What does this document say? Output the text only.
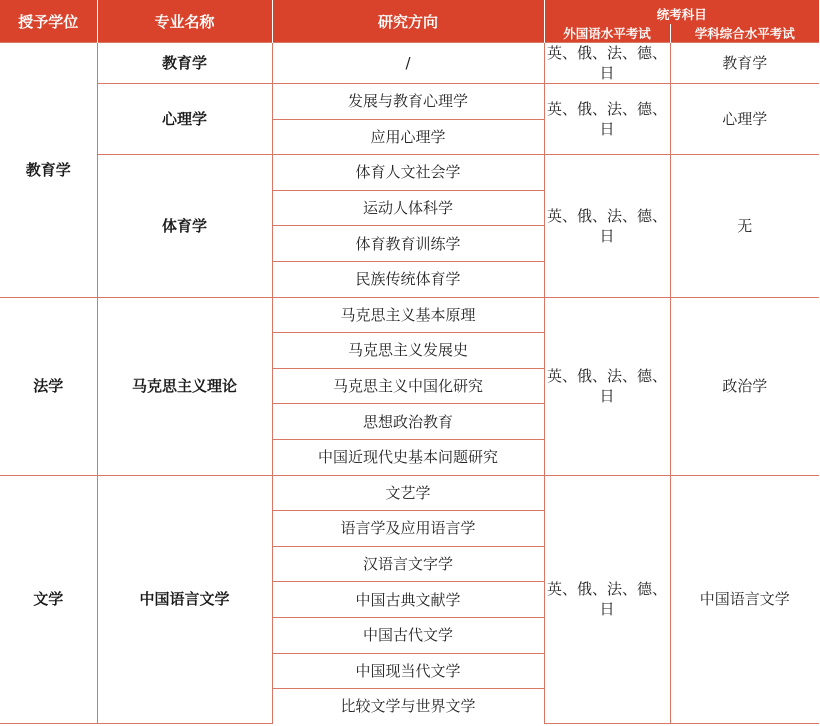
授予学位	专业名称	研究方向	统考科目	
			外国语水平考试	学科综合水平考试
教育学	教育学	/	英、俄、法、德、日	教育学
	心理学	发展与教育心理学	英、俄、法、德、日	心理学
		应用心理学		
	体育学	体育人文社会学	英、俄、法、德、日	无
		运动人体科学		
		体育教育训练学		
		民族传统体育学		
法学	马克思主义理论	马克思主义基本原理	英、俄、法、德、日	政治学
		马克思主义发展史		
		马克思主义中国化研究		
		思想政治教育		
		中国近现代史基本问题研究		
文学	中国语言文学	文艺学	英、俄、法、德、日	中国语言文学
		语言学及应用语言学		
		汉语言文字学		
		中国古典文献学		
		中国古代文学		
		中国现当代文学		
		比较文学与世界文学		
